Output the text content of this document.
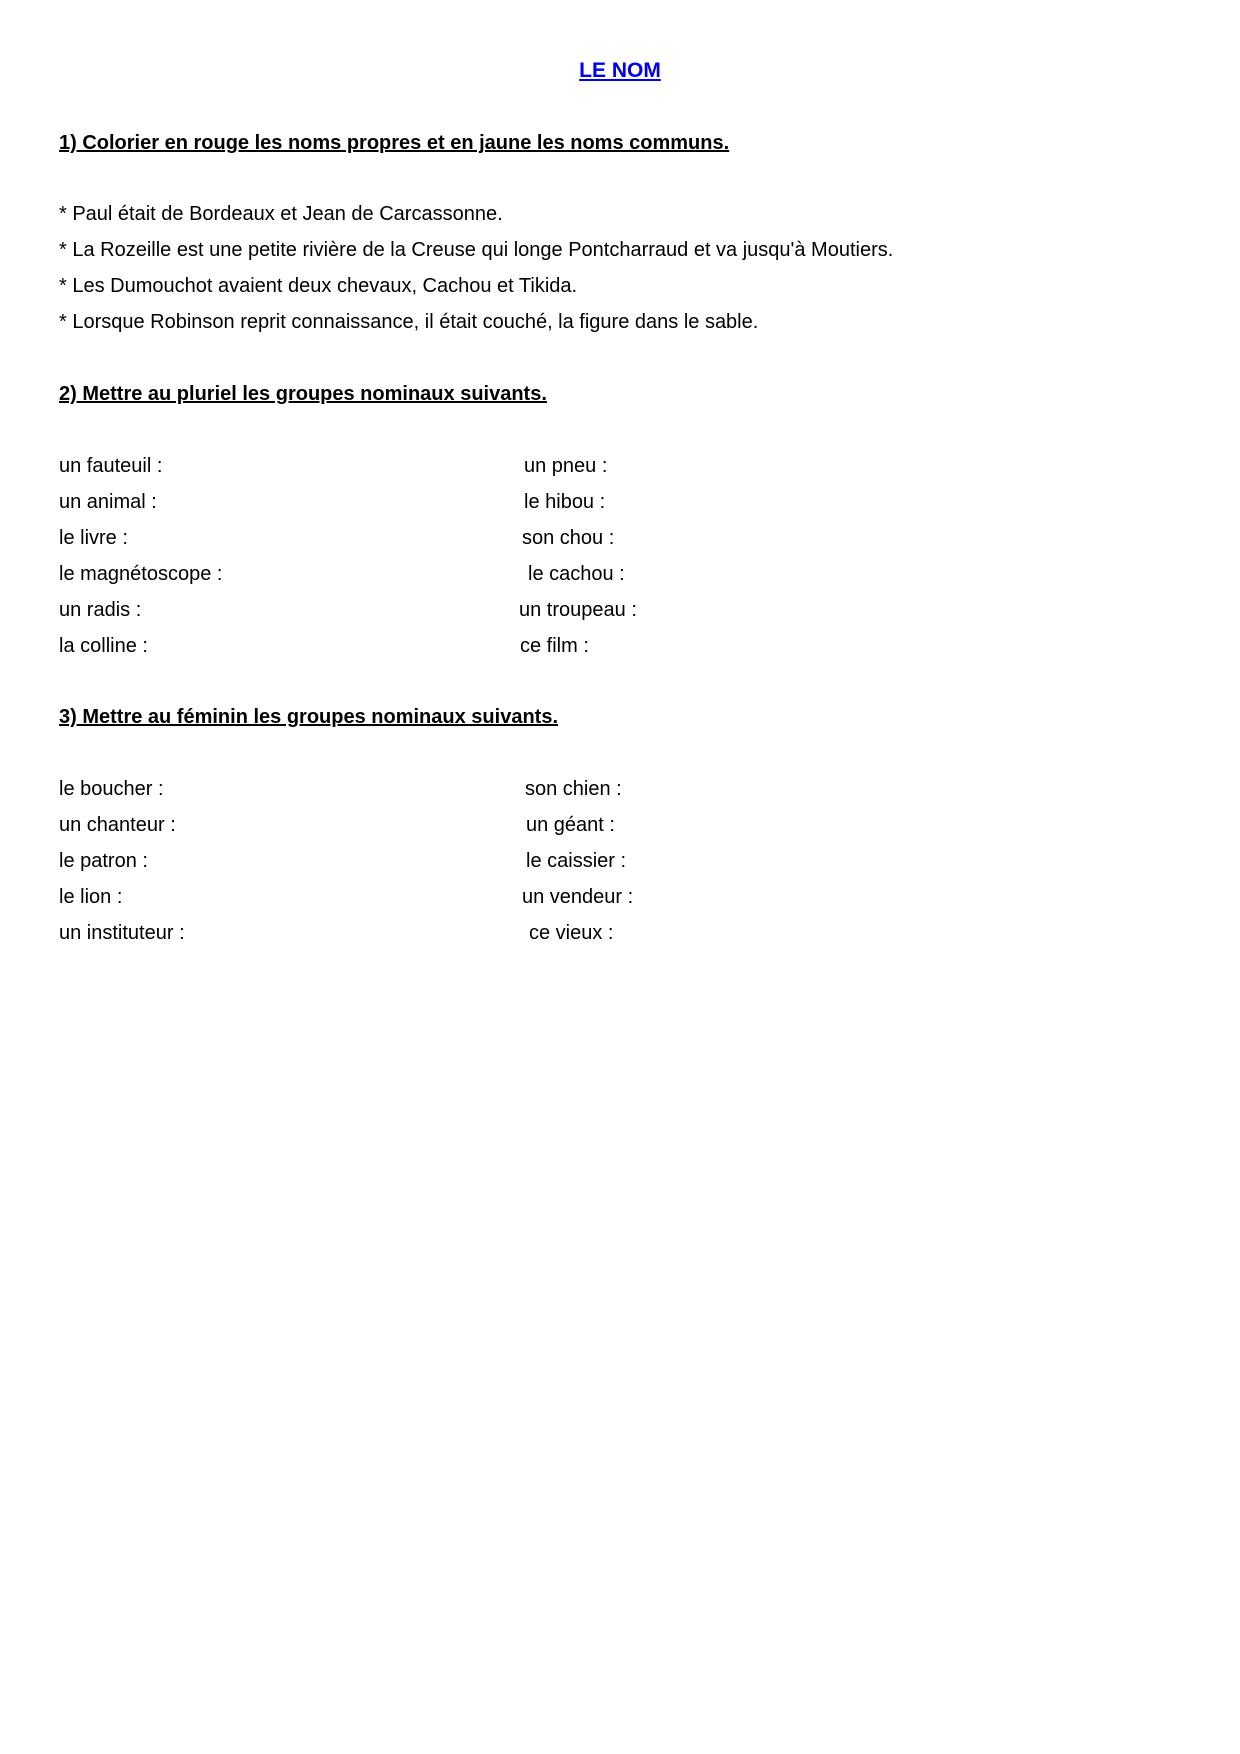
LE NOM
1) Colorier en rouge les noms propres et en jaune les noms communs.
* Paul était de Bordeaux et Jean de Carcassonne.
* La Rozeille est une petite rivière de la Creuse qui longe Pontcharraud et va jusqu'à Moutiers.
* Les Dumouchot avaient deux chevaux, Cachou et Tikida.
* Lorsque Robinson reprit connaissance, il était couché, la figure dans le sable.
2) Mettre au pluriel les groupes nominaux suivants.
un fauteuil :
un animal :
le livre :
le magnétoscope :
un radis :
la colline :
un pneu :
le hibou :
son chou :
le cachou :
un troupeau :
ce film :
3) Mettre au féminin les groupes nominaux suivants.
le boucher :
un chanteur :
le patron :
le lion :
un instituteur :
son chien :
un géant :
le caissier :
un vendeur :
ce vieux :
